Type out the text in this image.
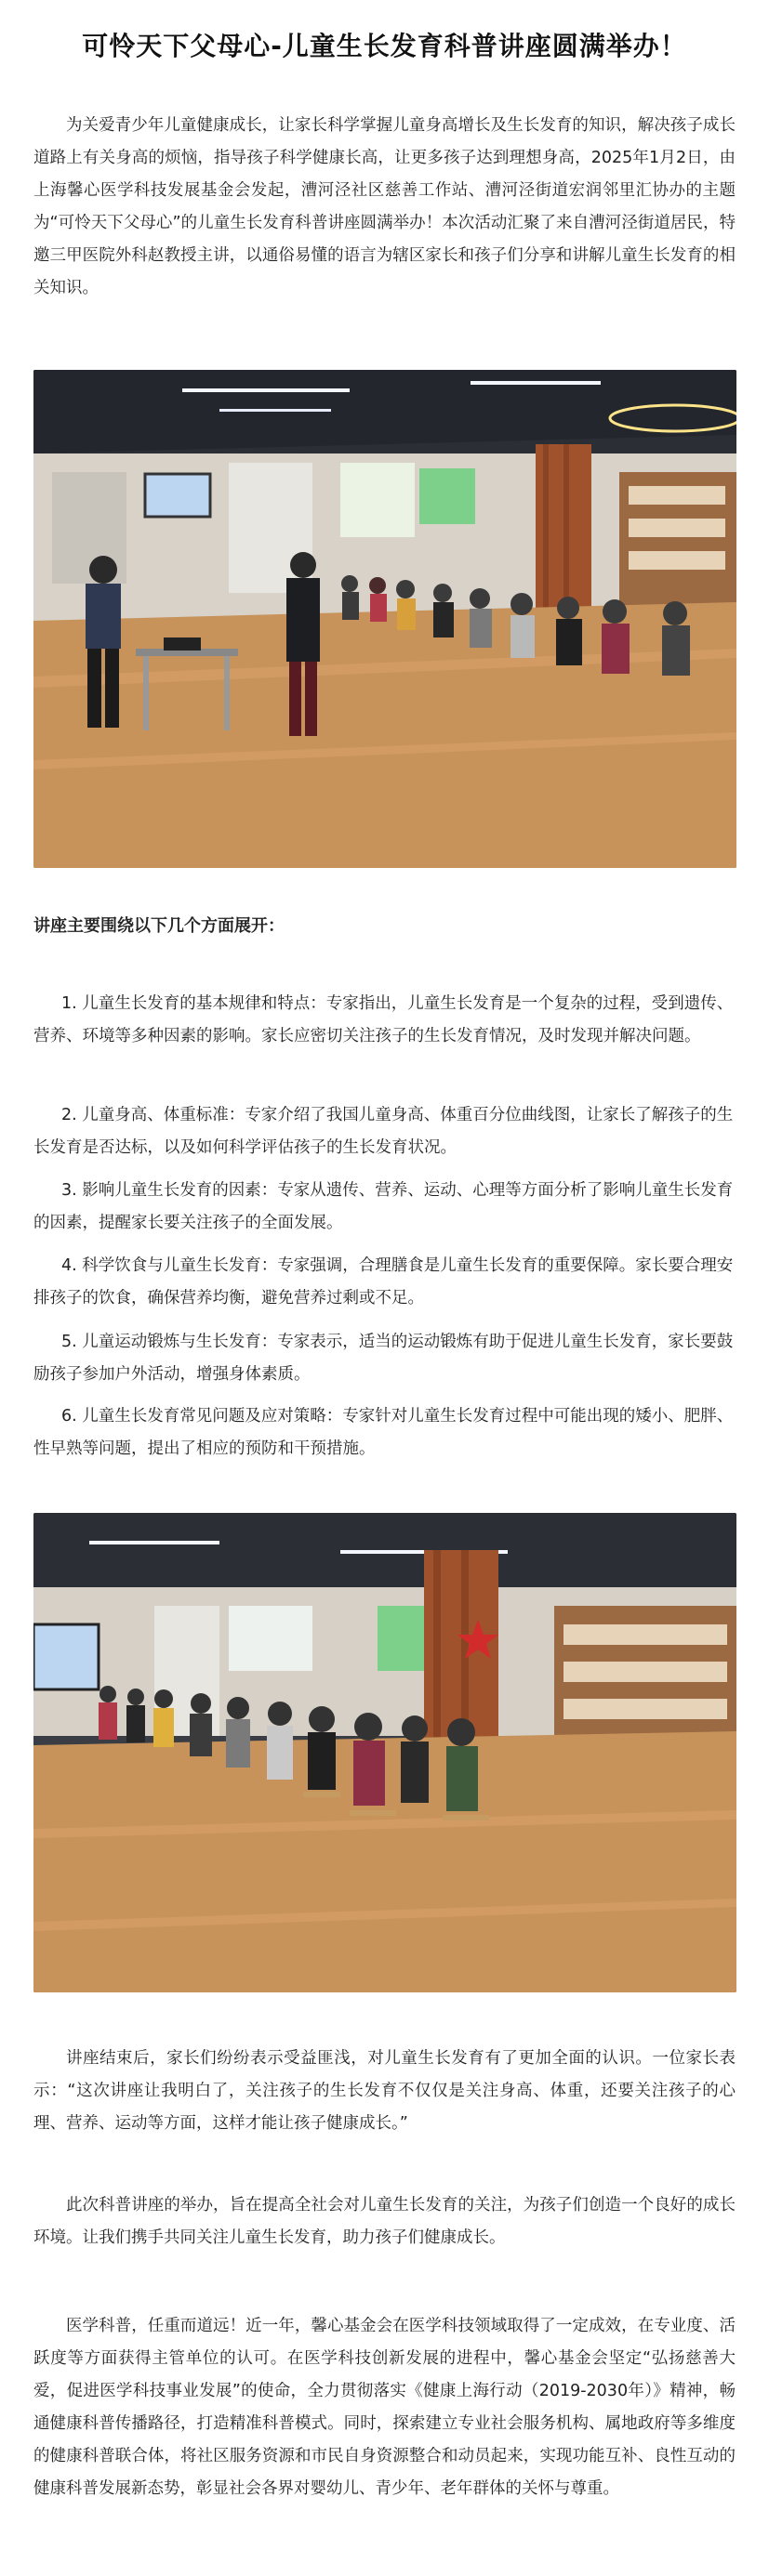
可怜天下父母心-儿童生长发育科普讲座圆满举办！

为关爱青少年儿童健康成长，让家长科学掌握儿童身高增长及生长发育的知识，解决孩子成长道路上有关身高的烦恼，指导孩子科学健康长高，让更多孩子达到理想身高，2025年1月2日，由上海馨心医学科技发展基金会发起，漕河泾社区慈善工作站、漕河泾街道宏润邻里汇协办的主题为“可怜天下父母心”的儿童生长发育科普讲座圆满举办！本次活动汇聚了来自漕河泾街道居民，特邀三甲医院外科赵教授主讲，以通俗易懂的语言为辖区家长和孩子们分享和讲解儿童生长发育的相关知识。

讲座主要围绕以下几个方面展开：

1. 儿童生长发育的基本规律和特点：专家指出，儿童生长发育是一个复杂的过程，受到遗传、营养、环境等多种因素的影响。家长应密切关注孩子的生长发育情况，及时发现并解决问题。

2. 儿童身高、体重标准：专家介绍了我国儿童身高、体重百分位曲线图，让家长了解孩子的生长发育是否达标，以及如何科学评估孩子的生长发育状况。

3. 影响儿童生长发育的因素：专家从遗传、营养、运动、心理等方面分析了影响儿童生长发育的因素，提醒家长要关注孩子的全面发展。

4. 科学饮食与儿童生长发育：专家强调，合理膳食是儿童生长发育的重要保障。家长要合理安排孩子的饮食，确保营养均衡，避免营养过剩或不足。

5. 儿童运动锻炼与生长发育：专家表示，适当的运动锻炼有助于促进儿童生长发育，家长要鼓励孩子参加户外活动，增强身体素质。

6. 儿童生长发育常见问题及应对策略：专家针对儿童生长发育过程中可能出现的矮小、肥胖、性早熟等问题，提出了相应的预防和干预措施。

讲座结束后，家长们纷纷表示受益匪浅，对儿童生长发育有了更加全面的认识。一位家长表示：“这次讲座让我明白了，关注孩子的生长发育不仅仅是关注身高、体重，还要关注孩子的心理、营养、运动等方面，这样才能让孩子健康成长。”

此次科普讲座的举办，旨在提高全社会对儿童生长发育的关注，为孩子们创造一个良好的成长环境。让我们携手共同关注儿童生长发育，助力孩子们健康成长。

医学科普，任重而道远！近一年，馨心基金会在医学科技领域取得了一定成效，在专业度、活跃度等方面获得主管单位的认可。在医学科技创新发展的进程中，馨心基金会坚定“弘扬慈善大爱，促进医学科技事业发展”的使命，全力贯彻落实《健康上海行动（2019-2030年）》精神，畅通健康科普传播路径，打造精准科普模式。同时，探索建立专业社会服务机构、属地政府等多维度的健康科普联合体，将社区服务资源和市民自身资源整合和动员起来，实现功能互补、良性互动的健康科普发展新态势，彰显社会各界对婴幼儿、青少年、老年群体的关怀与尊重。
